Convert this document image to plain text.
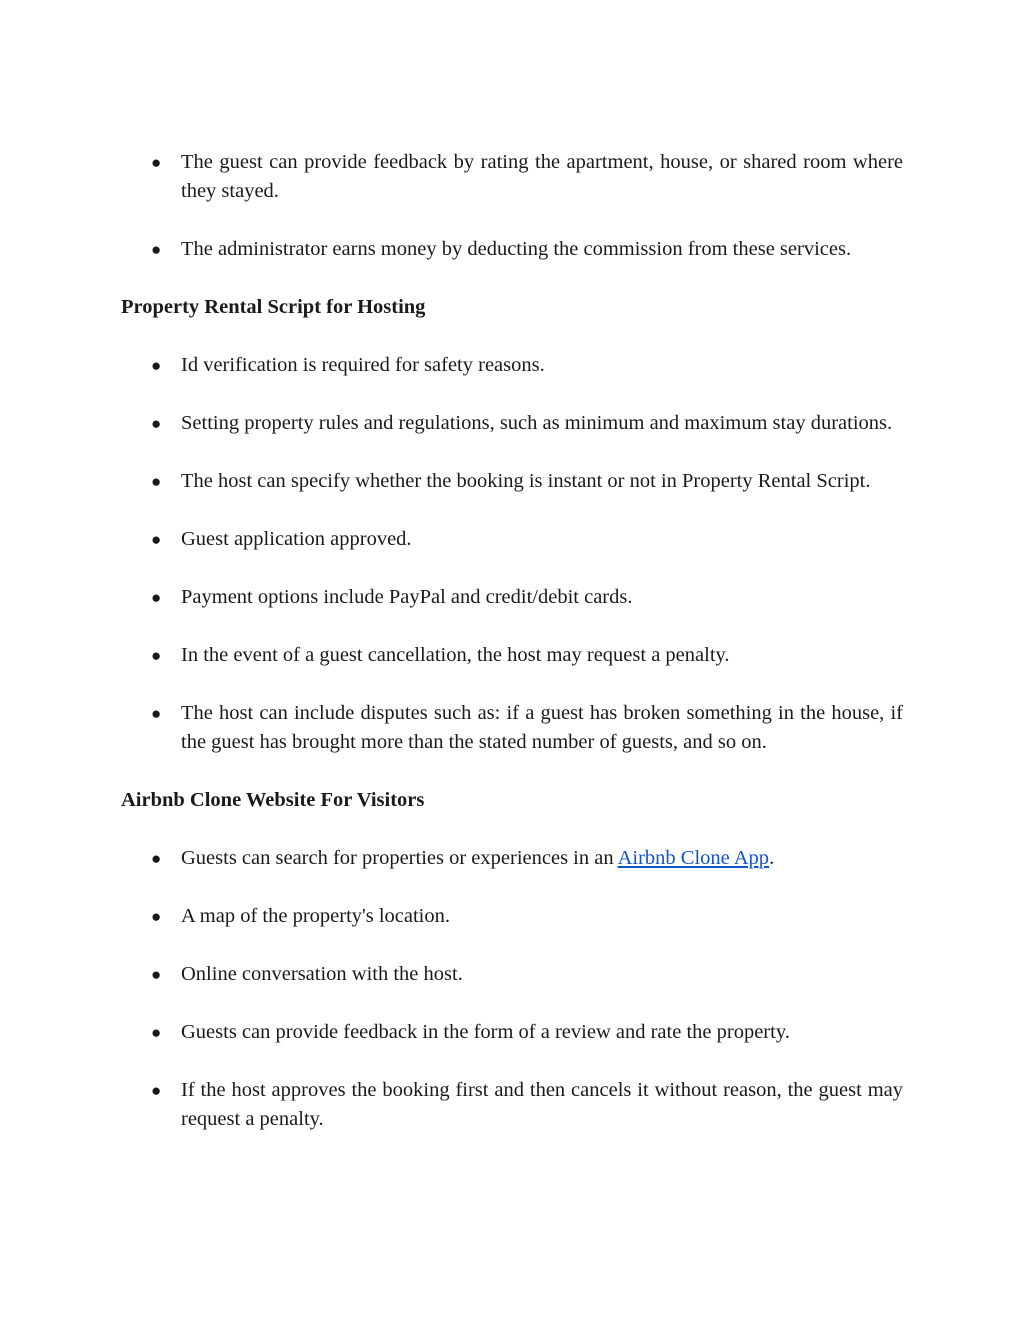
● The guest can provide feedback by rating the apartment, house, or shared room where they stayed.
● The administrator earns money by deducting the commission from these services.
Property Rental Script for Hosting
● Id verification is required for safety reasons.
● Setting property rules and regulations, such as minimum and maximum stay durations.
● The host can specify whether the booking is instant or not in Property Rental Script.
● Guest application approved.
● Payment options include PayPal and credit/debit cards.
● In the event of a guest cancellation, the host may request a penalty.
● The host can include disputes such as: if a guest has broken something in the house, if the guest has brought more than the stated number of guests, and so on.
Airbnb Clone Website For Visitors
● Guests can search for properties or experiences in an Airbnb Clone App.
● A map of the property's location.
● Online conversation with the host.
● Guests can provide feedback in the form of a review and rate the property.
● If the host approves the booking first and then cancels it without reason, the guest may request a penalty.
